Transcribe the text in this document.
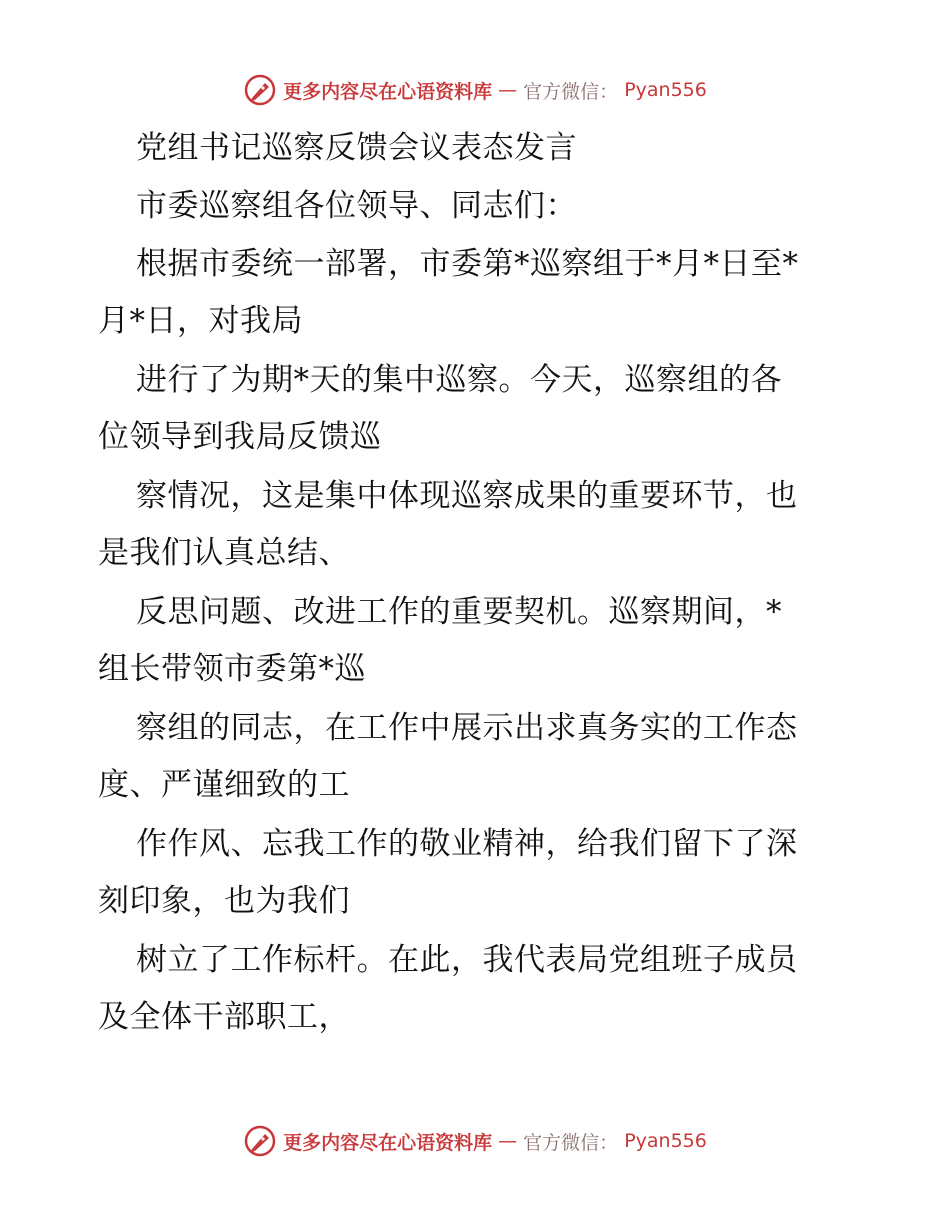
更多内容尽在心语资料库 — 官方微信： Pyan556
党组书记巡察反馈会议表态发言
市委巡察组各位领导、同志们：
根据市委统一部署，市委第*巡察组于*月*日至*
月*日，对我局
进行了为期*天的集中巡察。今天，巡察组的各
位领导到我局反馈巡
察情况，这是集中体现巡察成果的重要环节，也
是我们认真总结、
反思问题、改进工作的重要契机。巡察期间，*
组长带领市委第*巡
察组的同志，在工作中展示出求真务实的工作态
度、严谨细致的工
作作风、忘我工作的敬业精神，给我们留下了深
刻印象，也为我们
树立了工作标杆。在此，我代表局党组班子成员
及全体干部职工，
更多内容尽在心语资料库 — 官方微信： Pyan556
